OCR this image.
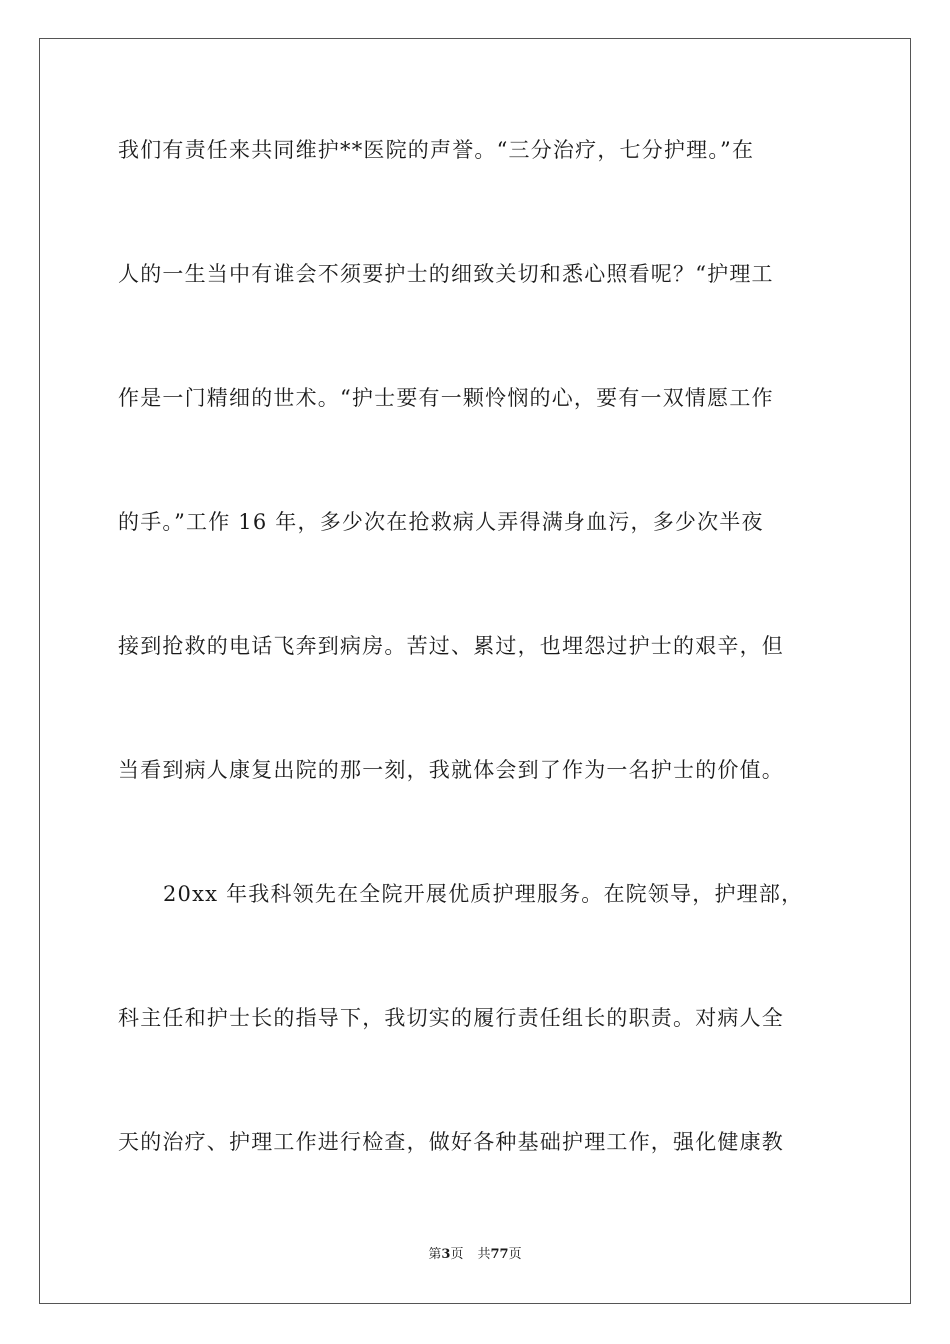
我们有责任来共同维护**医院的声誉。“三分治疗，七分护理。”在
人的一生当中有谁会不须要护士的细致关切和悉心照看呢？“护理工
作是一门精细的世术。“护士要有一颗怜悯的心，要有一双情愿工作
的手。”工作 16 年，多少次在抢救病人弄得满身血污，多少次半夜
接到抢救的电话飞奔到病房。苦过、累过，也埋怨过护士的艰辛，但
当看到病人康复出院的那一刻，我就体会到了作为一名护士的价值。
20xx 年我科领先在全院开展优质护理服务。在院领导，护理部，
科主任和护士长的指导下，我切实的履行责任组长的职责。对病人全
天的治疗、护理工作进行检查，做好各种基础护理工作，强化健康教
第3页 共77页
